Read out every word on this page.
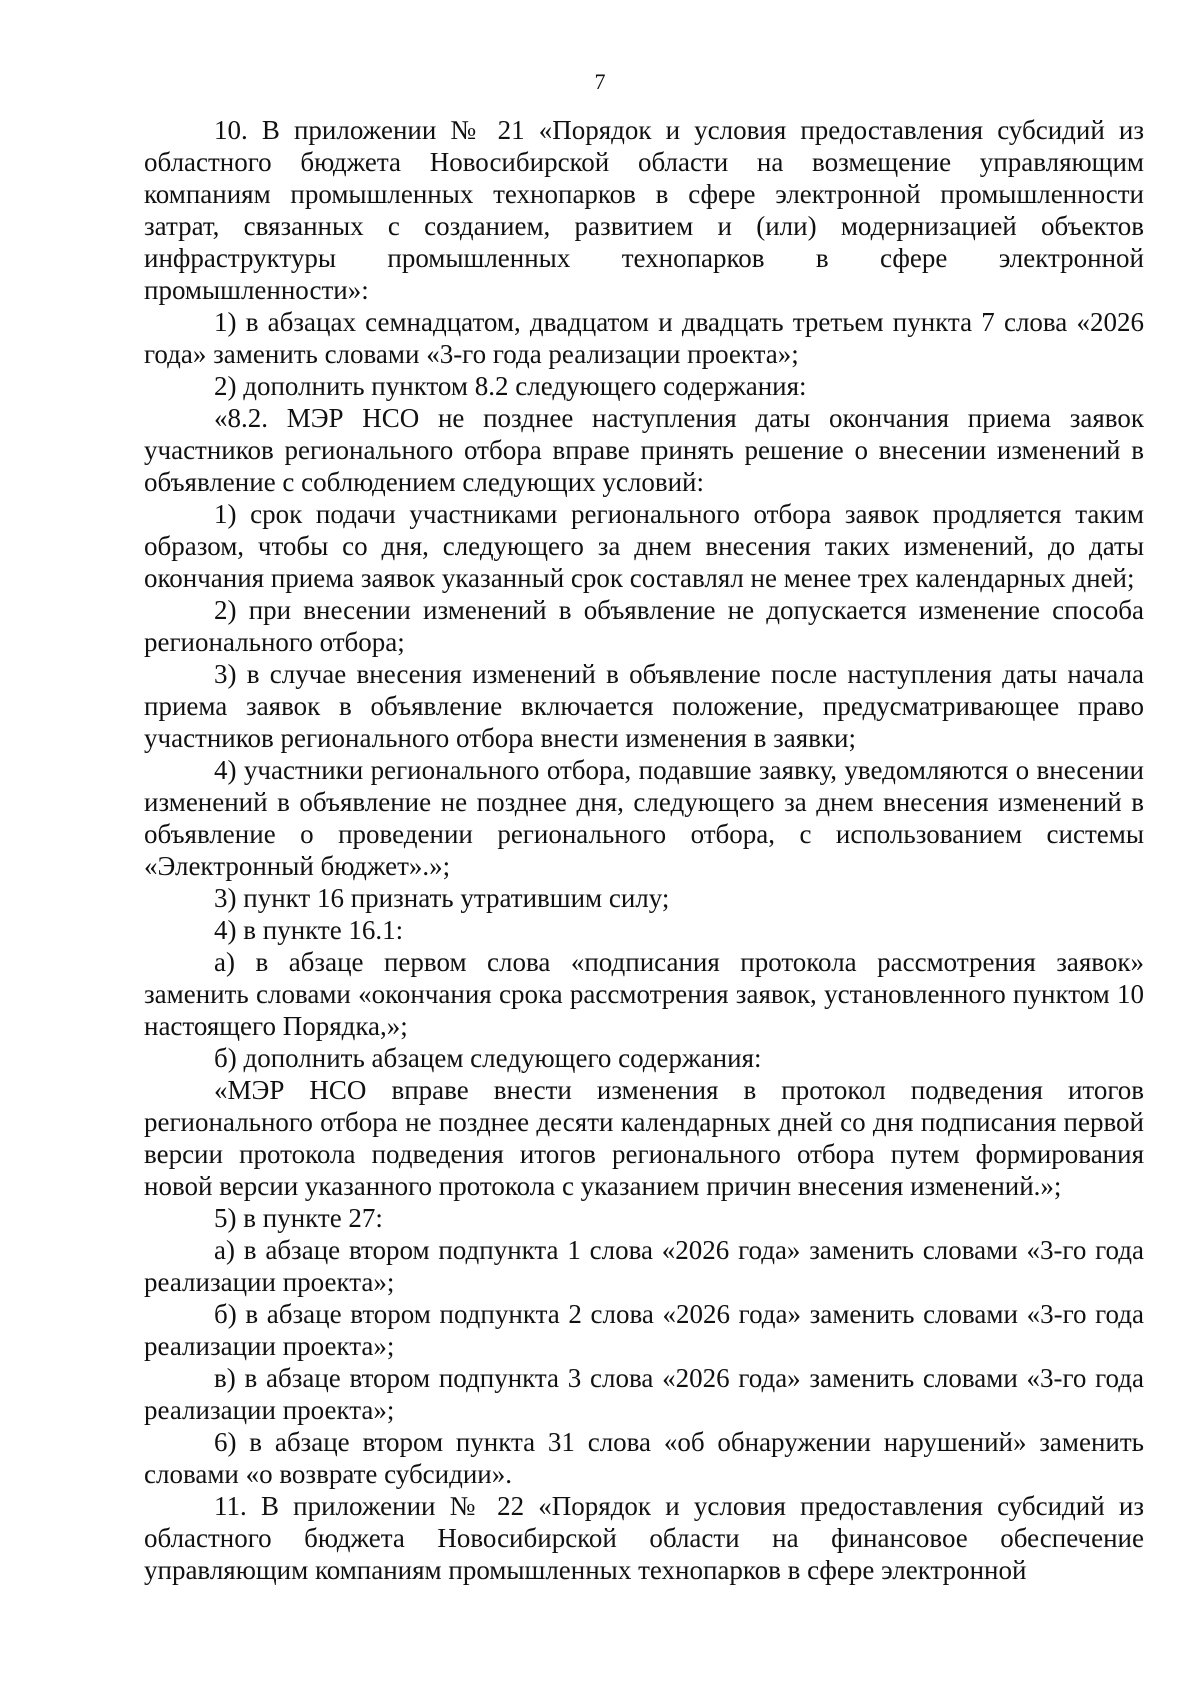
7

10. В приложении № 21 «Порядок и условия предоставления субсидий из областного бюджета Новосибирской области на возмещение управляющим компаниям промышленных технопарков в сфере электронной промышленности затрат, связанных с созданием, развитием и (или) модернизацией объектов инфраструктуры промышленных технопарков в сфере электронной промышленности»:

1) в абзацах семнадцатом, двадцатом и двадцать третьем пункта 7 слова «2026 года» заменить словами «3-го года реализации проекта»;

2) дополнить пунктом 8.2 следующего содержания:

«8.2. МЭР НСО не позднее наступления даты окончания приема заявок участников регионального отбора вправе принять решение о внесении изменений в объявление с соблюдением следующих условий:

1) срок подачи участниками регионального отбора заявок продляется таким образом, чтобы со дня, следующего за днем внесения таких изменений, до даты окончания приема заявок указанный срок составлял не менее трех календарных дней;

2) при внесении изменений в объявление не допускается изменение способа регионального отбора;

3) в случае внесения изменений в объявление после наступления даты начала приема заявок в объявление включается положение, предусматривающее право участников регионального отбора внести изменения в заявки;

4) участники регионального отбора, подавшие заявку, уведомляются о внесении изменений в объявление не позднее дня, следующего за днем внесения изменений в объявление о проведении регионального отбора, с использованием системы «Электронный бюджет».»;

3) пункт 16 признать утратившим силу;

4) в пункте 16.1:

а) в абзаце первом слова «подписания протокола рассмотрения заявок» заменить словами «окончания срока рассмотрения заявок, установленного пунктом 10 настоящего Порядка,»;

б) дополнить абзацем следующего содержания:

«МЭР НСО вправе внести изменения в протокол подведения итогов регионального отбора не позднее десяти календарных дней со дня подписания первой версии протокола подведения итогов регионального отбора путем формирования новой версии указанного протокола с указанием причин внесения изменений.»;

5) в пункте 27:

а) в абзаце втором подпункта 1 слова «2026 года» заменить словами «3-го года реализации проекта»;

б) в абзаце втором подпункта 2 слова «2026 года» заменить словами «3-го года реализации проекта»;

в) в абзаце втором подпункта 3 слова «2026 года» заменить словами «3-го года реализации проекта»;

6) в абзаце втором пункта 31 слова «об обнаружении нарушений» заменить словами «о возврате субсидии».

11. В приложении № 22 «Порядок и условия предоставления субсидий из областного бюджета Новосибирской области на финансовое обеспечение управляющим компаниям промышленных технопарков в сфере электронной
